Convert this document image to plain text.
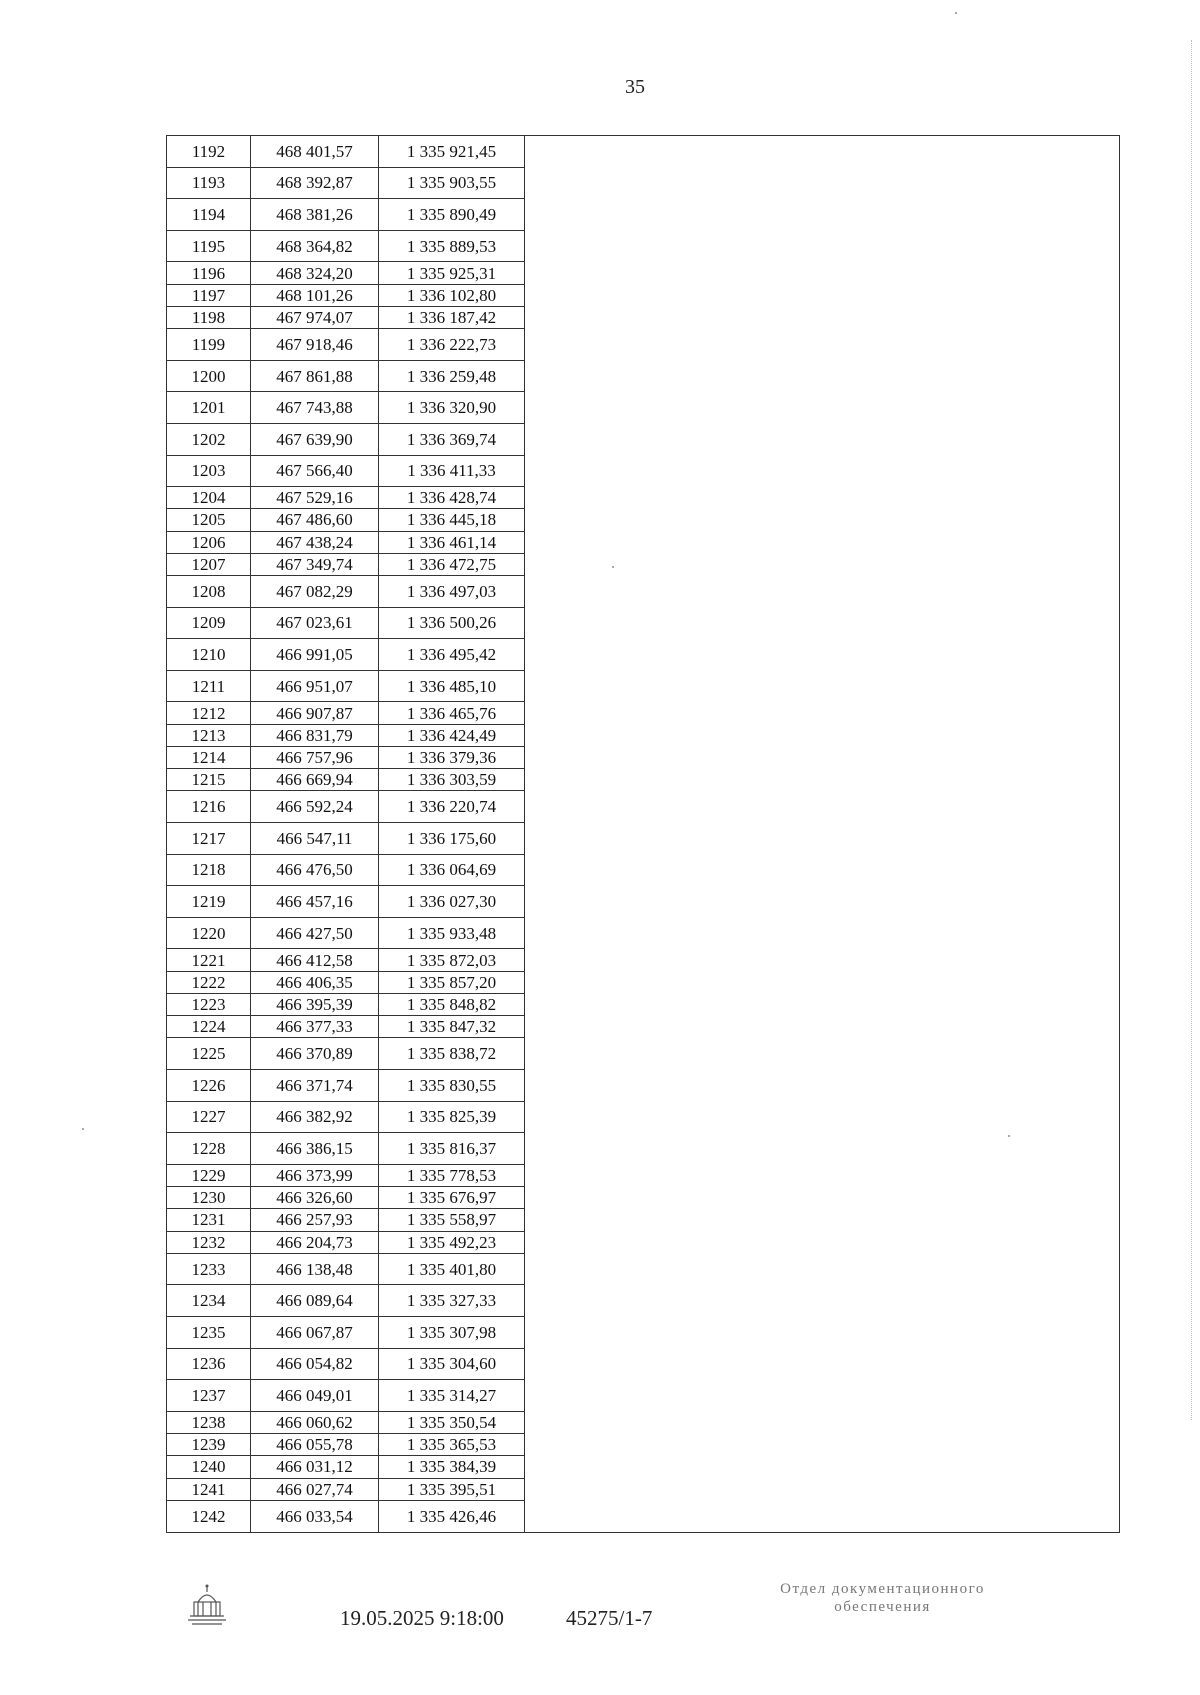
35
1192	468 401,57	1 335 921,45
1193	468 392,87	1 335 903,55
1194	468 381,26	1 335 890,49
1195	468 364,82	1 335 889,53
1196	468 324,20	1 335 925,31
1197	468 101,26	1 336 102,80
1198	467 974,07	1 336 187,42
1199	467 918,46	1 336 222,73
1200	467 861,88	1 336 259,48
1201	467 743,88	1 336 320,90
1202	467 639,90	1 336 369,74
1203	467 566,40	1 336 411,33
1204	467 529,16	1 336 428,74
1205	467 486,60	1 336 445,18
1206	467 438,24	1 336 461,14
1207	467 349,74	1 336 472,75
1208	467 082,29	1 336 497,03
1209	467 023,61	1 336 500,26
1210	466 991,05	1 336 495,42
1211	466 951,07	1 336 485,10
1212	466 907,87	1 336 465,76
1213	466 831,79	1 336 424,49
1214	466 757,96	1 336 379,36
1215	466 669,94	1 336 303,59
1216	466 592,24	1 336 220,74
1217	466 547,11	1 336 175,60
1218	466 476,50	1 336 064,69
1219	466 457,16	1 336 027,30
1220	466 427,50	1 335 933,48
1221	466 412,58	1 335 872,03
1222	466 406,35	1 335 857,20
1223	466 395,39	1 335 848,82
1224	466 377,33	1 335 847,32
1225	466 370,89	1 335 838,72
1226	466 371,74	1 335 830,55
1227	466 382,92	1 335 825,39
1228	466 386,15	1 335 816,37
1229	466 373,99	1 335 778,53
1230	466 326,60	1 335 676,97
1231	466 257,93	1 335 558,97
1232	466 204,73	1 335 492,23
1233	466 138,48	1 335 401,80
1234	466 089,64	1 335 327,33
1235	466 067,87	1 335 307,98
1236	466 054,82	1 335 304,60
1237	466 049,01	1 335 314,27
1238	466 060,62	1 335 350,54
1239	466 055,78	1 335 365,53
1240	466 031,12	1 335 384,39
1241	466 027,74	1 335 395,51
1242	466 033,54	1 335 426,46
19.05.2025 9:18:00	45275/1-7
Отдел документационного
обеспечения
